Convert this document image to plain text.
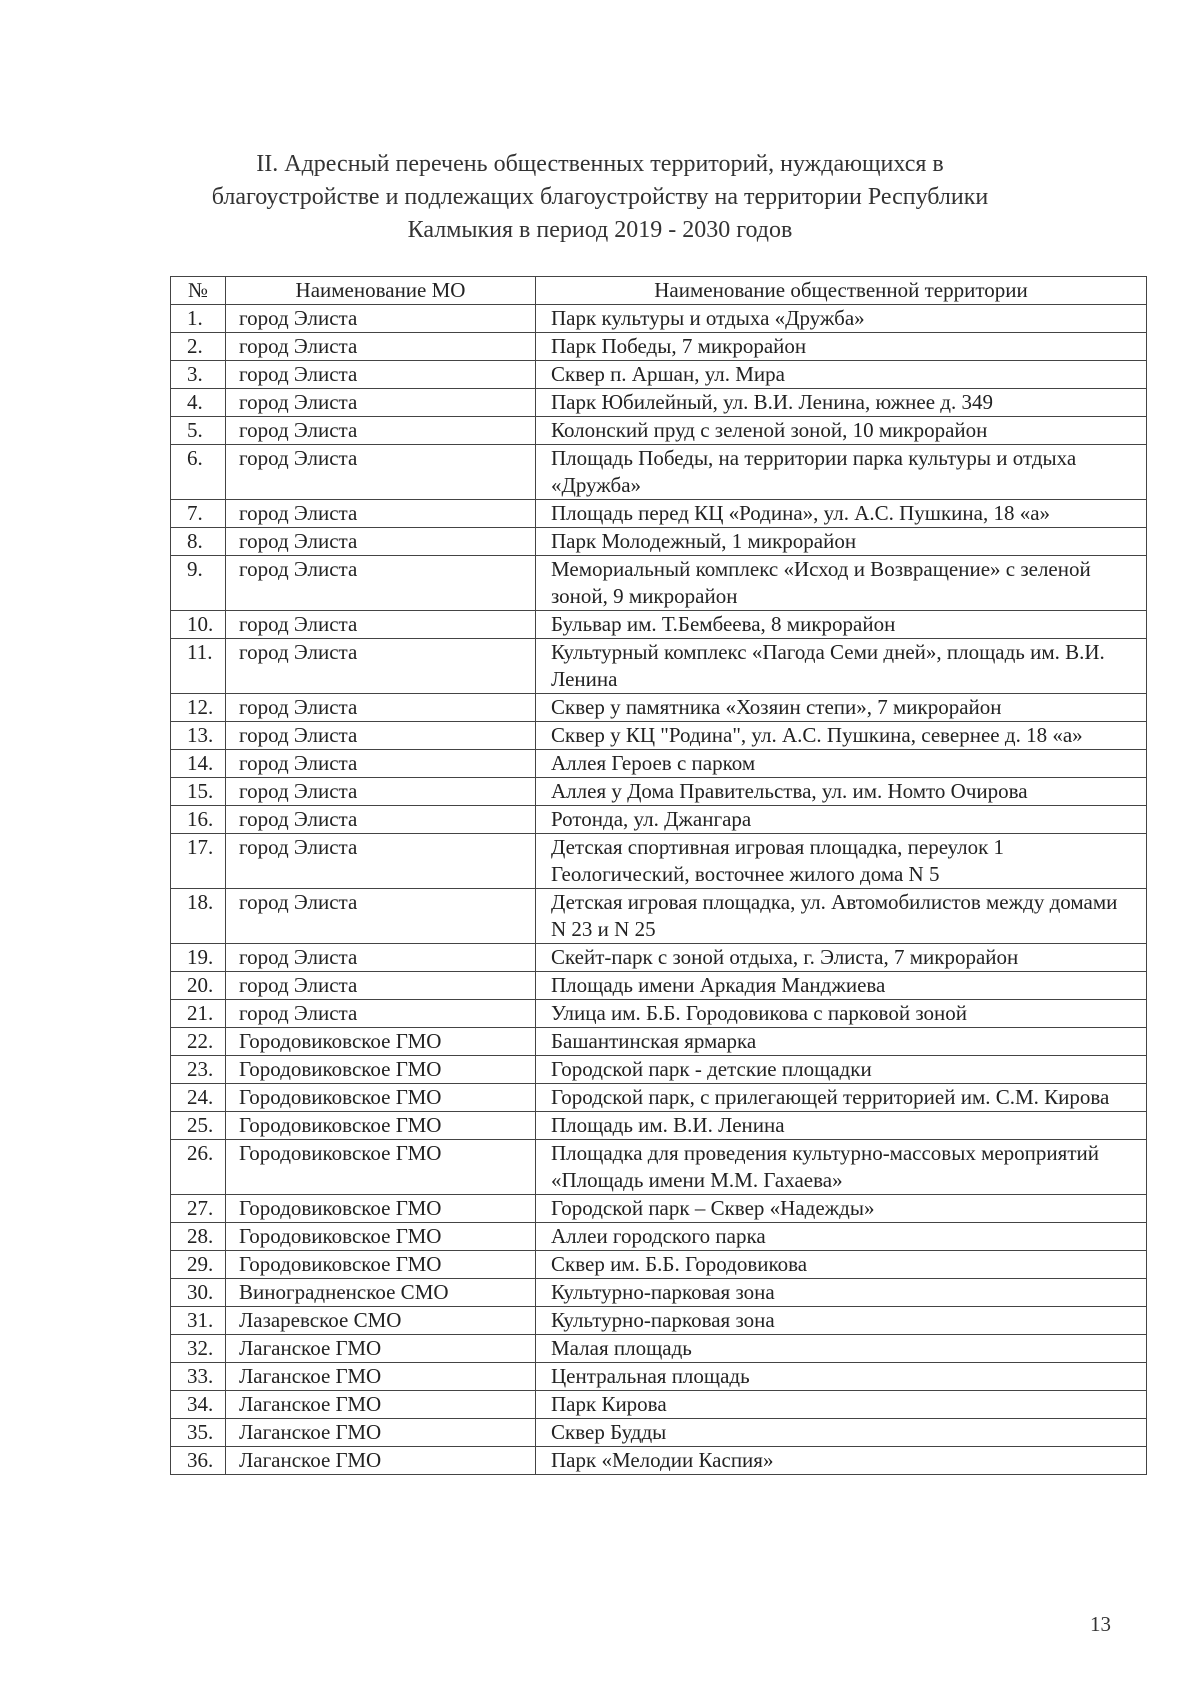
II. Адресный перечень общественных территорий, нуждающихся в
благоустройстве и подлежащих благоустройству на территории Республики
Калмыкия в период 2019 - 2030 годов
№	Наименование МО	Наименование общественной территории
1.	город Элиста	Парк культуры и отдыха «Дружба»
2.	город Элиста	Парк Победы, 7 микрорайон
3.	город Элиста	Сквер п. Аршан, ул. Мира
4.	город Элиста	Парк Юбилейный, ул. В.И. Ленина, южнее д. 349
5.	город Элиста	Колонский пруд с зеленой зоной, 10 микрорайон
6.	город Элиста	Площадь Победы, на территории парка культуры и отдыха «Дружба»
7.	город Элиста	Площадь перед КЦ «Родина», ул. А.С. Пушкина, 18 «а»
8.	город Элиста	Парк Молодежный, 1 микрорайон
9.	город Элиста	Мемориальный комплекс «Исход и Возвращение» с зеленой зоной, 9 микрорайон
10.	город Элиста	Бульвар им. Т.Бембеева, 8 микрорайон
11.	город Элиста	Культурный комплекс «Пагода Семи дней», площадь им. В.И. Ленина
12.	город Элиста	Сквер у памятника «Хозяин степи», 7 микрорайон
13.	город Элиста	Сквер у КЦ "Родина", ул. А.С. Пушкина, севернее д. 18 «а»
14.	город Элиста	Аллея Героев с парком
15.	город Элиста	Аллея у Дома Правительства, ул. им. Номто Очирова
16.	город Элиста	Ротонда, ул. Джангара
17.	город Элиста	Детская спортивная игровая площадка, переулок 1 Геологический, восточнее жилого дома N 5
18.	город Элиста	Детская игровая площадка, ул. Автомобилистов между домами N 23 и N 25
19.	город Элиста	Скейт-парк с зоной отдыха, г. Элиста, 7 микрорайон
20.	город Элиста	Площадь имени Аркадия Манджиева
21.	город Элиста	Улица им. Б.Б. Городовикова с парковой зоной
22.	Городовиковское ГМО	Башантинская ярмарка
23.	Городовиковское ГМО	Городской парк - детские площадки
24.	Городовиковское ГМО	Городской парк, с прилегающей территорией им. С.М. Кирова
25.	Городовиковское ГМО	Площадь им. В.И. Ленина
26.	Городовиковское ГМО	Площадка для проведения культурно-массовых мероприятий «Площадь имени М.М. Гахаева»
27.	Городовиковское ГМО	Городской парк – Сквер «Надежды»
28.	Городовиковское ГМО	Аллеи городского парка
29.	Городовиковское ГМО	Сквер им. Б.Б. Городовикова
30.	Виноградненское СМО	Культурно-парковая зона
31.	Лазаревское СМО	Культурно-парковая зона
32.	Лаганское ГМО	Малая площадь
33.	Лаганское ГМО	Центральная площадь
34.	Лаганское ГМО	Парк Кирова
35.	Лаганское ГМО	Сквер Будды
36.	Лаганское ГМО	Парк «Мелодии Каспия»
13
